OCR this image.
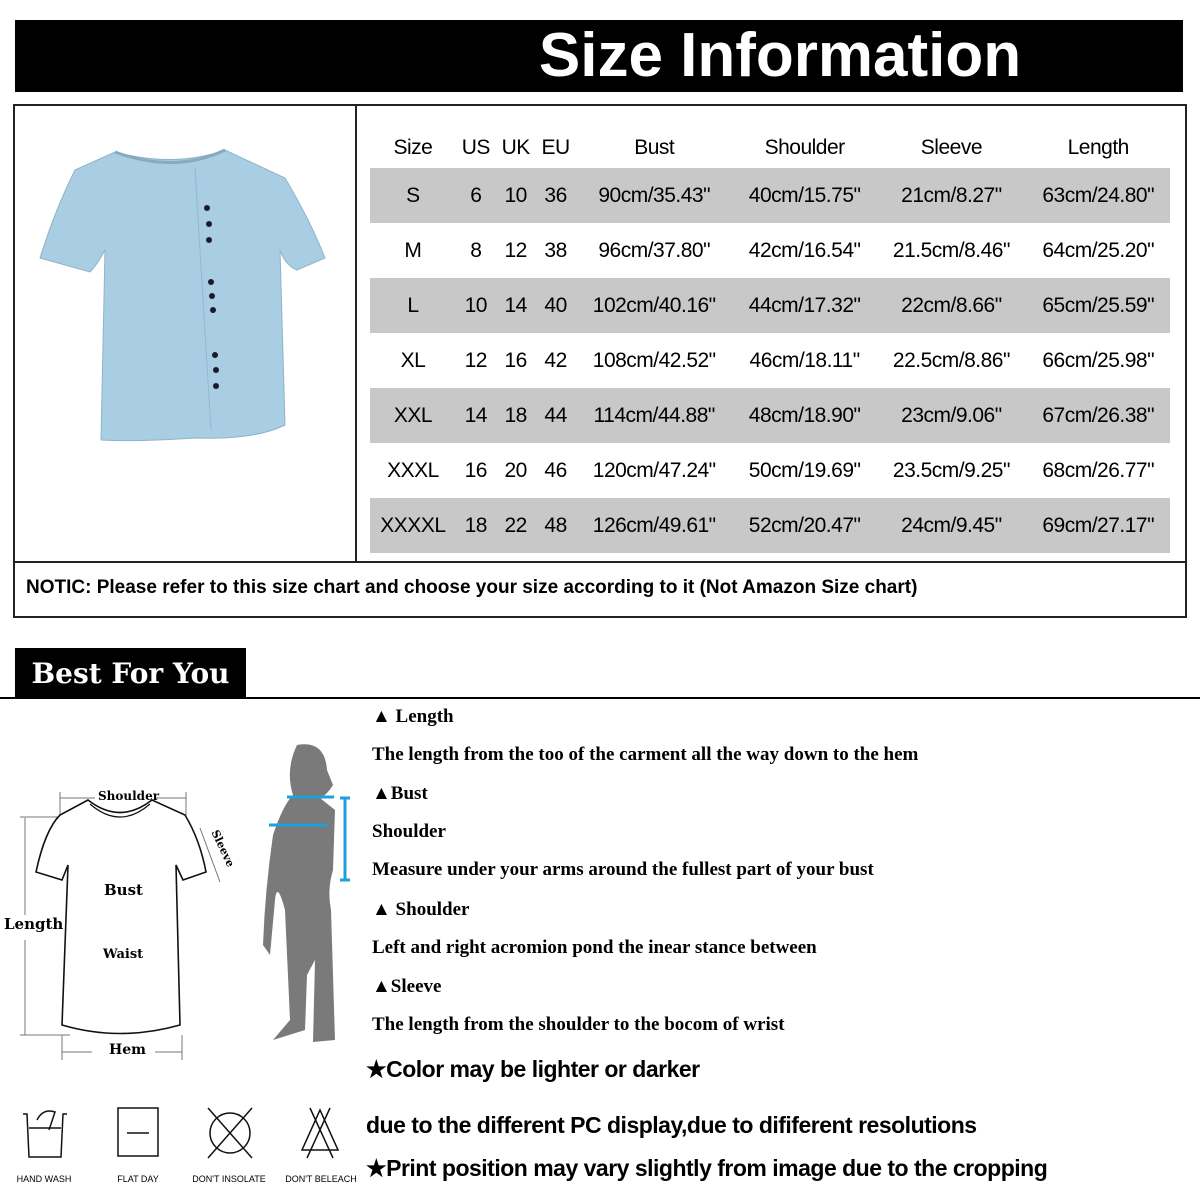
Size Information
Size	US	UK	EU	Bust	Shoulder	Sleeve	Length
S	6	10	36	90cm/35.43"	40cm/15.75"	21cm/8.27"	63cm/24.80"
M	8	12	38	96cm/37.80"	42cm/16.54"	21.5cm/8.46"	64cm/25.20"
L	10	14	40	102cm/40.16"	44cm/17.32"	22cm/8.66"	65cm/25.59"
XL	12	16	42	108cm/42.52"	46cm/18.11"	22.5cm/8.86"	66cm/25.98"
XXL	14	18	44	114cm/44.88"	48cm/18.90"	23cm/9.06"	67cm/26.38"
XXXL	16	20	46	120cm/47.24"	50cm/19.69"	23.5cm/9.25"	68cm/26.77"
XXXXL	18	22	48	126cm/49.61"	52cm/20.47"	24cm/9.45"	69cm/27.17"
NOTIC: Please refer to this size chart and choose your size according to it (Not Amazon Size chart)
Best For You
Shoulder
Sleeve
Bust
Length
Waist
Hem
▲ Length
The length from the too of the carment all the way down to the hem
▲Bust
Shoulder
Measure under your arms around the fullest part of your bust
▲ Shoulder
Left and right acromion pond the inear stance between
▲Sleeve
The length from the shoulder to the bocom of wrist
★Color may be lighter or darker
due to the different PC display,due to dififerent resolutions
★Print position may vary slightly from image due to the cropping
HAND WASH	FLAT DAY	DON'T INSOLATE	DON'T BELEACH
